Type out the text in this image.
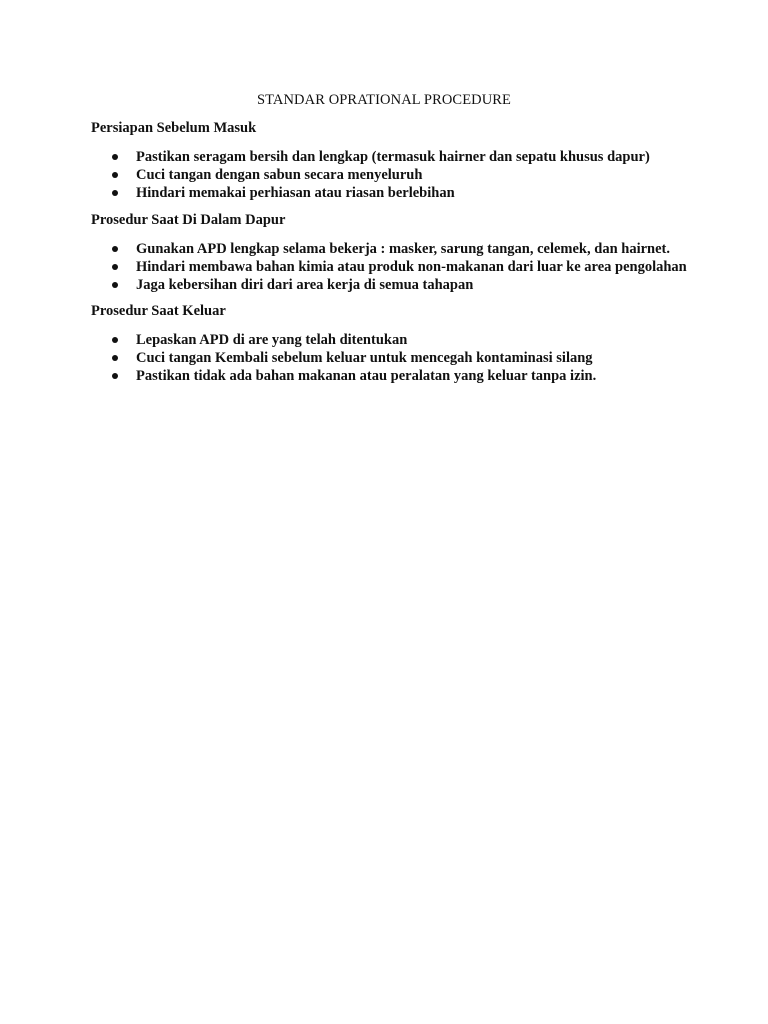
STANDAR OPRATIONAL PROCEDURE
Persiapan Sebelum Masuk
Pastikan seragam bersih dan lengkap (termasuk hairner dan sepatu khusus dapur)
Cuci tangan dengan sabun secara menyeluruh
Hindari memakai perhiasan atau riasan berlebihan
Prosedur Saat Di Dalam Dapur
Gunakan APD lengkap selama bekerja : masker, sarung tangan, celemek, dan hairnet.
Hindari membawa bahan kimia atau produk non-makanan dari luar ke area pengolahan
Jaga kebersihan diri dari area kerja di semua tahapan
Prosedur Saat Keluar
Lepaskan APD di are yang telah ditentukan
Cuci tangan Kembali sebelum keluar untuk mencegah kontaminasi silang
Pastikan tidak ada bahan makanan atau peralatan yang keluar tanpa izin.
